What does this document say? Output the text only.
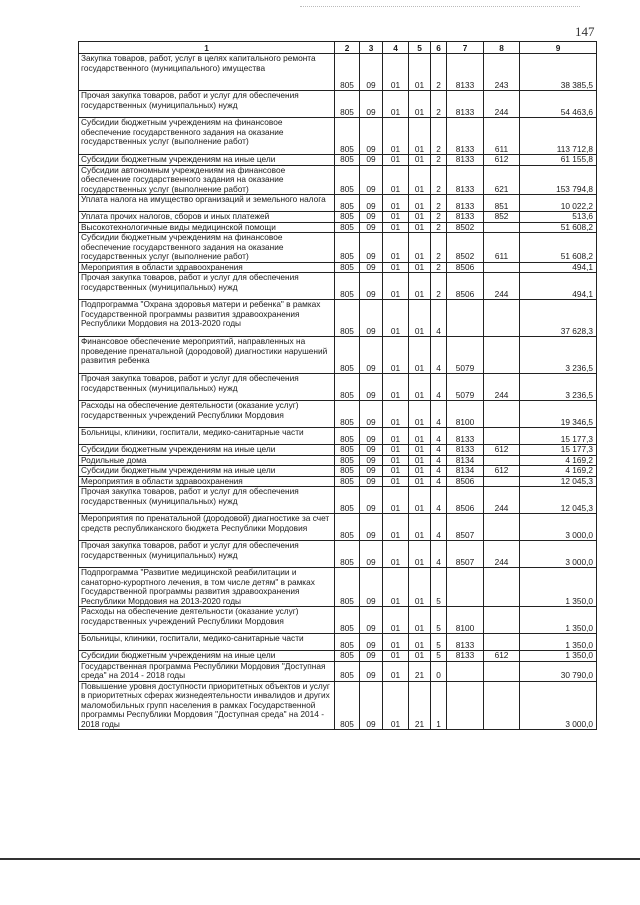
147
1	2	3	4	5	6	7	8	9
Закупка товаров, работ, услуг в целях капитального ремонта государственного (муниципального) имущества	805	09	01	01	2	8133	243	38 385,5
Прочая закупка товаров, работ и услуг для обеспечения государственных (муниципальных) нужд	805	09	01	01	2	8133	244	54 463,6
Субсидии бюджетным учреждениям на финансовое обеспечение государственного задания на оказание государственных услуг (выполнение работ)	805	09	01	01	2	8133	611	113 712,8
Субсидии бюджетным учреждениям на иные цели	805	09	01	01	2	8133	612	61 155,8
Субсидии автономным учреждениям на финансовое обеспечение государственного задания на оказание государственных услуг (выполнение работ)	805	09	01	01	2	8133	621	153 794,8
Уплата налога на имущество организаций и земельного налога	805	09	01	01	2	8133	851	10 022,2
Уплата прочих налогов, сборов и иных платежей	805	09	01	01	2	8133	852	513,6
Высокотехнологичные виды медицинской помощи	805	09	01	01	2	8502		51 608,2
Субсидии бюджетным учреждениям на финансовое обеспечение государственного задания на оказание государственных услуг (выполнение работ)	805	09	01	01	2	8502	611	51 608,2
Мероприятия в области здравоохранения	805	09	01	01	2	8506		494,1
Прочая закупка товаров, работ и услуг для обеспечения государственных (муниципальных) нужд	805	09	01	01	2	8506	244	494,1
Подпрограмма "Охрана здоровья матери и ребенка" в рамках Государственной программы развития здравоохранения Республики Мордовия на 2013-2020 годы	805	09	01	01	4			37 628,3
Финансовое обеспечение мероприятий, направленных на проведение пренатальной (дородовой) диагностики нарушений развития ребенка	805	09	01	01	4	5079		3 236,5
Прочая закупка товаров, работ и услуг для обеспечения государственных (муниципальных) нужд	805	09	01	01	4	5079	244	3 236,5
Расходы на обеспечение деятельности (оказание услуг) государственных учреждений Республики Мордовия	805	09	01	01	4	8100		19 346,5
Больницы, клиники, госпитали, медико-санитарные части	805	09	01	01	4	8133		15 177,3
Субсидии бюджетным учреждениям на иные цели	805	09	01	01	4	8133	612	15 177,3
Родильные дома	805	09	01	01	4	8134		4 169,2
Субсидии бюджетным учреждениям на иные цели	805	09	01	01	4	8134	612	4 169,2
Мероприятия в области здравоохранения	805	09	01	01	4	8506		12 045,3
Прочая закупка товаров, работ и услуг для обеспечения государственных (муниципальных) нужд	805	09	01	01	4	8506	244	12 045,3
Мероприятия по пренатальной (дородовой) диагностике за счет средств республиканского бюджета Республики Мордовия	805	09	01	01	4	8507		3 000,0
Прочая закупка товаров, работ и услуг для обеспечения государственных (муниципальных) нужд	805	09	01	01	4	8507	244	3 000,0
Подпрограмма "Развитие медицинской реабилитации и санаторно-курортного лечения, в том числе детям" в рамках Государственной программы развития здравоохранения Республики Мордовия на 2013-2020 годы	805	09	01	01	5			1 350,0
Расходы на обеспечение деятельности (оказание услуг) государственных учреждений Республики Мордовия	805	09	01	01	5	8100		1 350,0
Больницы, клиники, госпитали, медико-санитарные части	805	09	01	01	5	8133		1 350,0
Субсидии бюджетным учреждениям на иные цели	805	09	01	01	5	8133	612	1 350,0
Государственная программа Республики Мордовия "Доступная среда" на 2014 - 2018 годы	805	09	01	21	0			30 790,0
Повышение уровня доступности приоритетных объектов и услуг в приоритетных сферах жизнедеятельности инвалидов и других маломобильных групп населения в рамках Государственной программы Республики Мордовия "Доступная среда" на 2014 - 2018 годы	805	09	01	21	1			3 000,0
